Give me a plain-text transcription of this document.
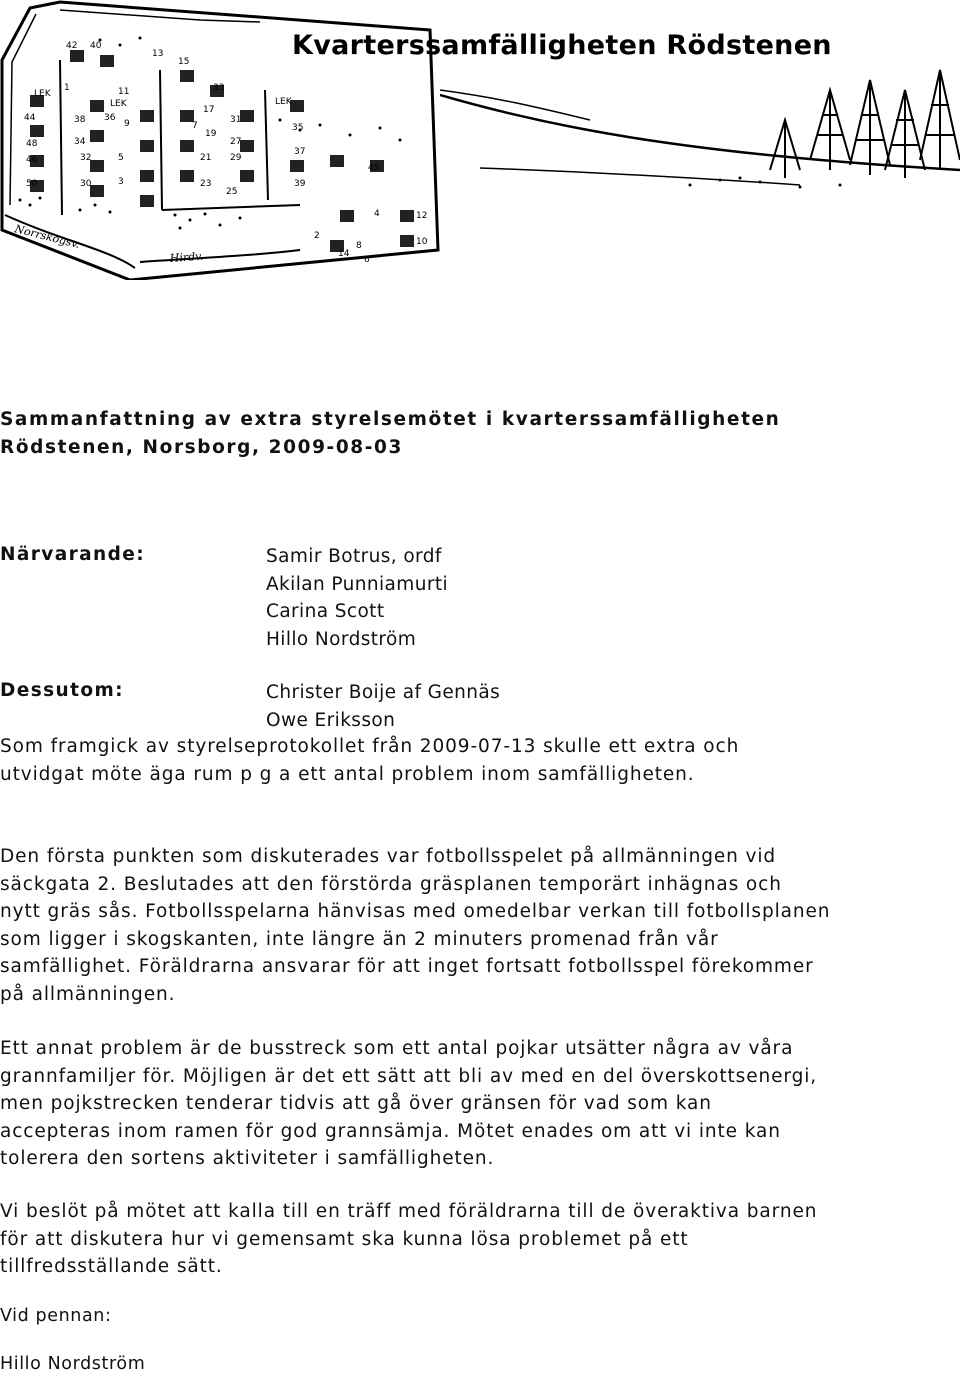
42 40
13
15
33
LEK
1	11
17
LEK	LEK
44	38 36
9	31
7
19
35
48	34	27
29
37
46	32	5	21
45
50	30	3	23
25
39
2
4	12
10
8
14
6
Norrskogsv.
Hirdv.
Kvarterssamfälligheten Rödstenen
Sammanfattning av extra styrelsemötet i kvarterssamfälligheten
Rödstenen, Norsborg, 2009-08-03
Närvarande:	Samir Botrus, ordf
Akilan Punniamurti
Carina Scott
Hillo Nordström
Dessutom:	Christer Boije af Gennäs
Owe Eriksson
Som framgick av styrelseprotokollet från 2009-07-13 skulle ett extra och
utvidgat möte äga rum p g a ett antal problem inom samfälligheten.
Den första punkten som diskuterades var fotbollsspelet på allmänningen vid
säckgata 2. Beslutades att den förstörda gräsplanen temporärt inhägnas och
nytt gräs sås. Fotbollsspelarna hänvisas med omedelbar verkan till fotbollsplanen
som ligger i skogskanten, inte längre än 2 minuters promenad från vår
samfällighet. Föräldrarna ansvarar för att inget fortsatt fotbollsspel förekommer
på allmänningen.
Ett annat problem är de busstreck som ett antal pojkar utsätter några av våra
grannfamiljer för. Möjligen är det ett sätt att bli av med en del överskottsenergi,
men pojkstrecken tenderar tidvis att gå över gränsen för vad som kan
accepteras inom ramen för god grannsämja. Mötet enades om att vi inte kan
tolerera den sortens aktiviteter i samfälligheten.
Vi beslöt på mötet att kalla till en träff med föräldrarna till de överaktiva barnen
för att diskutera hur vi gemensamt ska kunna lösa problemet på ett
tillfredsställande sätt.
Vid pennan:
Hillo Nordström
